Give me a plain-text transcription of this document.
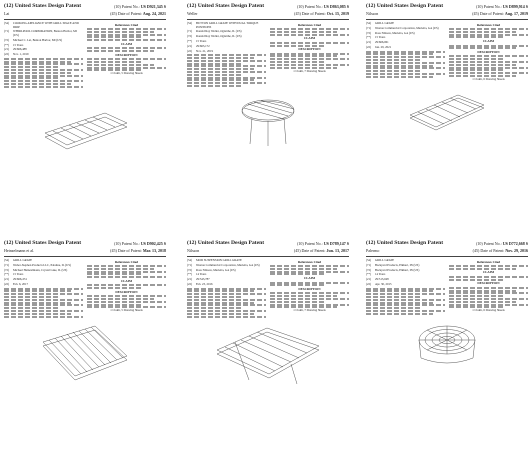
(12) United States Design Patent
Lai
(10) Patent No.: US D921,345 S
(45) Date of Patent: Aug. 24, 2021
(54)	COOKING APPLIANCE WITH GRILL SPACE AND DRIP
(71)	WHIRLPOOL CORPORATION, Benton Harbor, MI (US)
(72)	Michael C. Lai, Benton Harbor, MI (US)
(**)	15 Years
(21)	29/666,488
(22)	Nov. 1, 2019
References Cited
CLAIM
DESCRIPTION
1 Claim, 5 Drawing Sheets
(12) United States Design Patent
Weller
(10) Patent No.: US D863,085 S
(45) Date of Patent: Oct. 15, 2019
(54)	BUTTON GRILL GRATE WITH DUAL TORQUE POSITIONS
(71)	Ronald Ray Weller, Ogletrhe, IL (US)
(72)	Ronald Ray Weller, Ogletrhe, IL (US)
(**)	15 Years
(21)	29/663,172
(22)	Nov. 21, 2019
References Cited
CLAIM
DESCRIPTION
1 Claim, 7 Drawing Sheets
(12) United States Design Patent
Nilsson
(10) Patent No.: US D899,914 S
(45) Date of Patent: Aug. 17, 2019
(54)	GRILL GRATE
(71)	Weston Commercial Corporation, Marietta, GA (US)
(72)	Ross Nilsson, Marietta, GA (US)
(**)	15 Years
(21)	29/666,061
(22)	Jun. 29, 2021
References Cited
CLAIM
DESCRIPTION
1 Claim, 6 Drawing Sheets
(12) United States Design Patent
Heinzelmann et al.
(10) Patent No.: US D902,425 S
(45) Date of Patent: Mar. 13, 2018
(54)	GRILL GRATE
(71)	Weber-Stephen Products LLC, Palatine, IL (US)
(72)	Michael Heinzelmann, Crystal Lake, IL (US)
(**)	15 Years
(21)	29/666,474
(22)	Feb. 6, 2017
References Cited
CLAIM
DESCRIPTION
1 Claim, 5 Drawing Sheets
(12) United States Design Patent
Nilsson
(10) Patent No.: US D789,147 S
(45) Date of Patent: Jun. 13, 2017
(54)	MOD SUSPENSION GRILL GRATE
(71)	Weston Commercial Corporation, Marietta, GA (US)
(72)	Ross Nilsson, Marietta, GA (US)
(**)	14 Years
(21)	29/543,787
(22)	Feb. 23, 2016
References Cited
CLAIM
DESCRIPTION
1 Claim, 7 Drawing Sheets
(12) United States Design Patent
Palermo
(10) Patent No.: US D772,668 S
(45) Date of Patent: Nov. 29, 2016
(54)	GRILL GRATE
(71)	Backyard Products, Elkhart, IN (US)
(72)	Backyard Products, Elkhart, IN (US)
(**)	14 Years
(21)	29/513,048
(22)	Apr. 30, 2015
References Cited
CLAIM
DESCRIPTION
1 Claim, 6 Drawing Sheets
